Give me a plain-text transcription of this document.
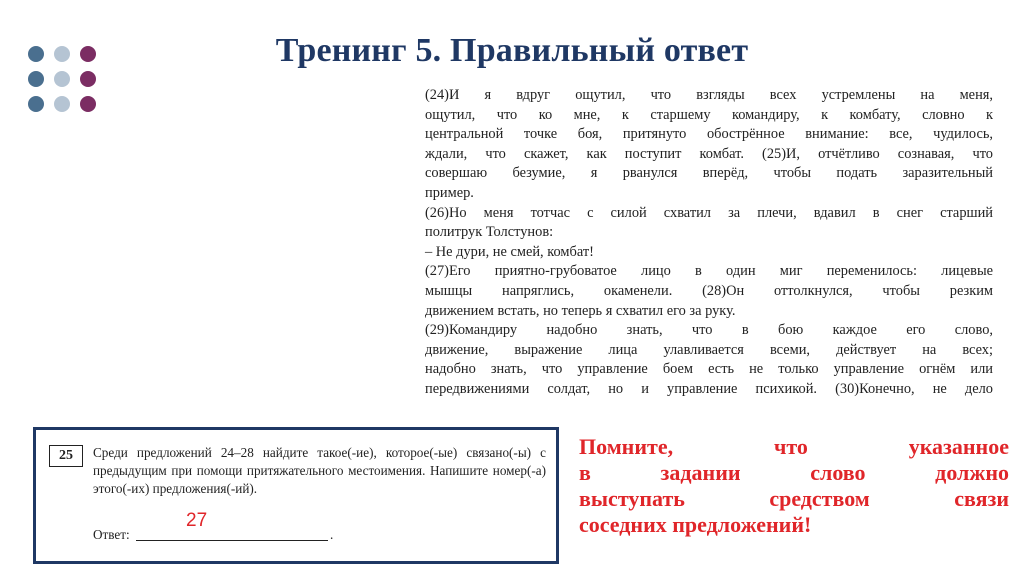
Тренинг 5. Правильный ответ
(24)И я вдруг ощутил, что взгляды всех устремлены на меня,
ощутил, что ко мне, к старшему командиру, к комбату, словно к
центральной точке боя, притянуто обострённое внимание: все, чудилось,
ждали, что скажет, как поступит комбат. (25)И, отчётливо сознавая, что
совершаю безумие, я рванулся вперёд, чтобы подать заразительный
пример.
(26)Но меня тотчас с силой схватил за плечи, вдавил в снег старший
политрук Толстунов:
– Не дури, не смей, комбат!
(27)Его приятно-грубоватое лицо в один миг переменилось: лицевые
мышцы напряглись, окаменели. (28)Он оттолкнулся, чтобы резким
движением встать, но теперь я схватил его за руку.
(29)Командиру надобно знать, что в бою каждое его слово,
движение, выражение лица улавливается всеми, действует на всех;
надобно знать, что управление боем есть не только управление огнём или
передвижениями солдат, но и управление психикой. (30)Конечно, не дело
25	Среди предложений 24–28 найдите такое(-ие), которое(-ые) связано(-ы) с
предыдущим при помощи притяжательного местоимения. Напишите номер(-а)
этого(-их) предложения(-ий).
27
Ответ:	.
Помните, что указанное
в задании слово должно
выступать средством связи
соседних предложений!
